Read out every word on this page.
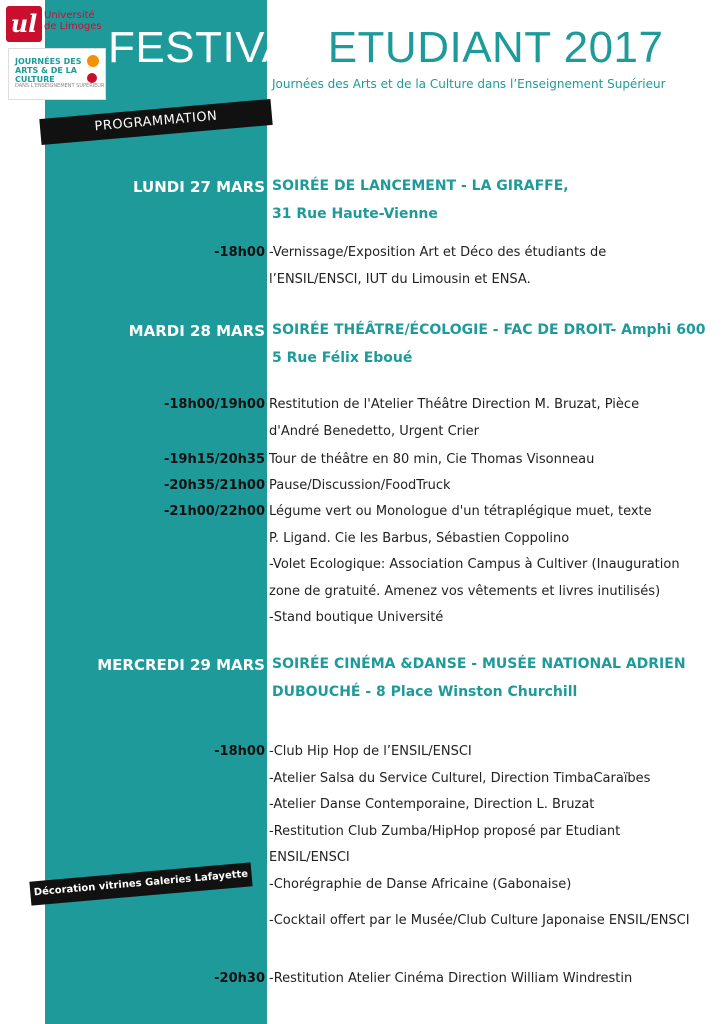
ul Université
de Limoges
JOURNÉES DES ARTS & DE LA CULTURE
DANS L'ENSEIGNEMENT SUPÉRIEUR
FESTIVAL ETUDIANT 2017
Journées des Arts et de la Culture dans l’Enseignement Supérieur
PROGRAMMATION
LUNDI 27 MARS SOIRÉE DE LANCEMENT - LA GIRAFFE,
31 Rue Haute-Vienne
-18h00 -Vernissage/Exposition Art et Déco des étudiants de
l’ENSIL/ENSCI, IUT du Limousin et ENSA.
MARDI 28 MARS SOIRÉE THÉÂTRE/ÉCOLOGIE - FAC DE DROIT- Amphi 600
5 Rue Félix Eboué
-18h00/19h00 Restitution de l'Atelier Théâtre Direction M. Bruzat, Pièce
d'André Benedetto, Urgent Crier
-19h15/20h35 Tour de théâtre en 80 min, Cie Thomas Visonneau
-20h35/21h00 Pause/Discussion/FoodTruck
-21h00/22h00 Légume vert ou Monologue d'un tétraplégique muet, texte
P. Ligand. Cie les Barbus, Sébastien Coppolino
-Volet Ecologique: Association Campus à Cultiver (Inauguration
zone de gratuité. Amenez vos vêtements et livres inutilisés)
-Stand boutique Université
MERCREDI 29 MARS SOIRÉE CINÉMA &DANSE - MUSÉE NATIONAL ADRIEN
DUBOUCHÉ - 8 Place Winston Churchill
-18h00 -Club Hip Hop de l’ENSIL/ENSCI
-Atelier Salsa du Service Culturel, Direction TimbaCaraïbes
-Atelier Danse Contemporaine, Direction L. Bruzat
-Restitution Club Zumba/HipHop proposé par Etudiant
ENSIL/ENSCI
-Chorégraphie de Danse Africaine (Gabonaise)
-Cocktail offert par le Musée/Club Culture Japonaise ENSIL/ENSCI
-20h30 -Restitution Atelier Cinéma Direction William Windrestin
Décoration vitrines Galeries Lafayette
